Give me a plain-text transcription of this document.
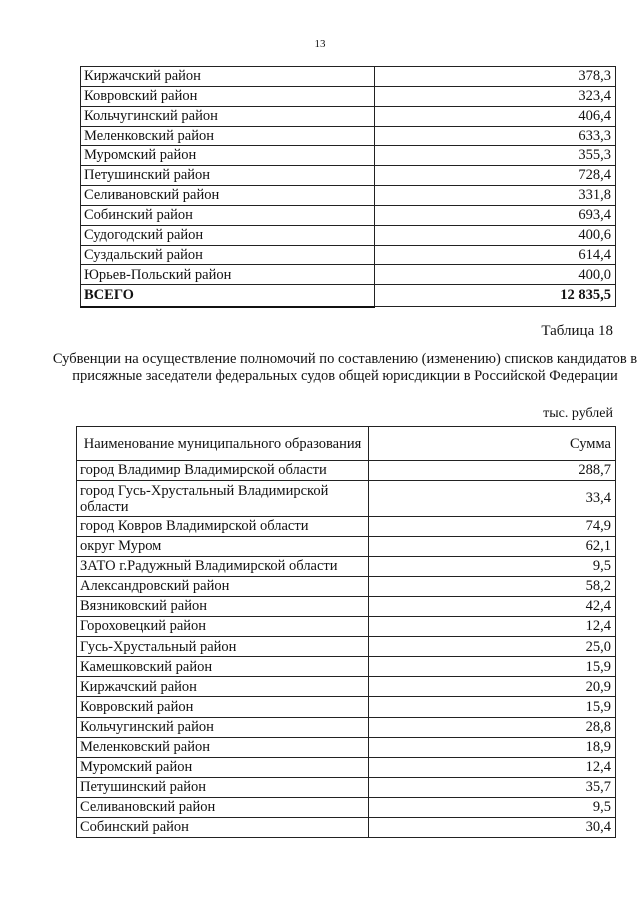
13
Киржачский район	378,3
Ковровский район	323,4
Кольчугинский район	406,4
Меленковский район	633,3
Муромский район	355,3
Петушинский район	728,4
Селивановский район	331,8
Собинский район	693,4
Судогодский район	400,6
Суздальский район	614,4
Юрьев-Польский район	400,0
ВСЕГО	12 835,5
Таблица 18
Субвенции на осуществление полномочий по составлению (изменению) списков кандидатов в присяжные заседатели федеральных судов общей юрисдикции в Российской Федерации
тыс. рублей
Наименование муниципального образования	Сумма
город Владимир Владимирской области	288,7
город Гусь-Хрустальный Владимирской области	33,4
город Ковров Владимирской области	74,9
округ Муром	62,1
ЗАТО г.Радужный Владимирской области	9,5
Александровский район	58,2
Вязниковский район	42,4
Гороховецкий район	12,4
Гусь-Хрустальный район	25,0
Камешковский район	15,9
Киржачский район	20,9
Ковровский район	15,9
Кольчугинский район	28,8
Меленковский район	18,9
Муромский район	12,4
Петушинский район	35,7
Селивановский район	9,5
Собинский район	30,4
